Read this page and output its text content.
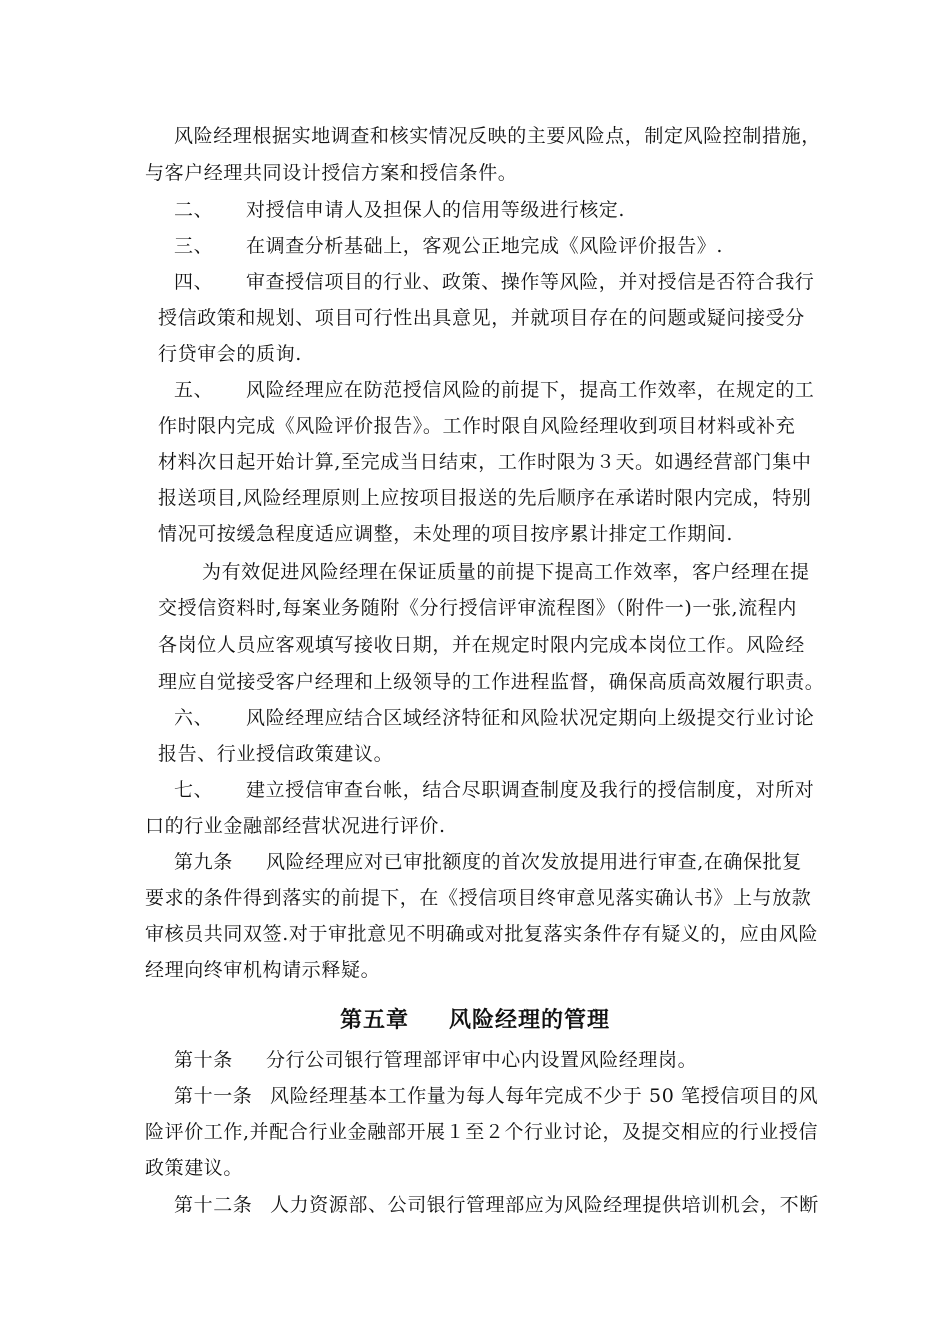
风险经理根据实地调查和核实情况反映的主要风险点，制定风险控制措施，
与客户经理共同设计授信方案和授信条件。
二、 对授信申请人及担保人的信用等级进行核定.
三、 在调查分析基础上，客观公正地完成《风险评价报告》.
四、 审查授信项目的行业、政策、操作等风险，并对授信是否符合我行
授信政策和规划、项目可行性出具意见，并就项目存在的问题或疑问接受分
行贷审会的质询.
五、 风险经理应在防范授信风险的前提下，提高工作效率，在规定的工
作时限内完成《风险评价报告》。工作时限自风险经理收到项目材料或补充
材料次日起开始计算,至完成当日结束，工作时限为３天。如遇经营部门集中
报送项目,风险经理原则上应按项目报送的先后顺序在承诺时限内完成，特别
情况可按缓急程度适应调整，未处理的项目按序累计排定工作期间.
为有效促进风险经理在保证质量的前提下提高工作效率，客户经理在提
交授信资料时,每案业务随附《分行授信评审流程图》（附件一)一张,流程内
各岗位人员应客观填写接收日期，并在规定时限内完成本岗位工作。风险经
理应自觉接受客户经理和上级领导的工作进程监督，确保高质高效履行职责。
六、 风险经理应结合区域经济特征和风险状况定期向上级提交行业讨论
报告、行业授信政策建议。
七、 建立授信审查台帐，结合尽职调查制度及我行的授信制度，对所对
口的行业金融部经营状况进行评价.
第九条 风险经理应对已审批额度的首次发放提用进行审查,在确保批复
要求的条件得到落实的前提下，在《授信项目终审意见落实确认书》上与放款
审核员共同双签.对于审批意见不明确或对批复落实条件存有疑义的，应由风险
经理向终审机构请示释疑。
第五章 风险经理的管理
第十条 分行公司银行管理部评审中心内设置风险经理岗。
第十一条 风险经理基本工作量为每人每年完成不少于 50 笔授信项目的风
险评价工作,并配合行业金融部开展１至２个行业讨论，及提交相应的行业授信
政策建议。
第十二条 人力资源部、公司银行管理部应为风险经理提供培训机会，不断
